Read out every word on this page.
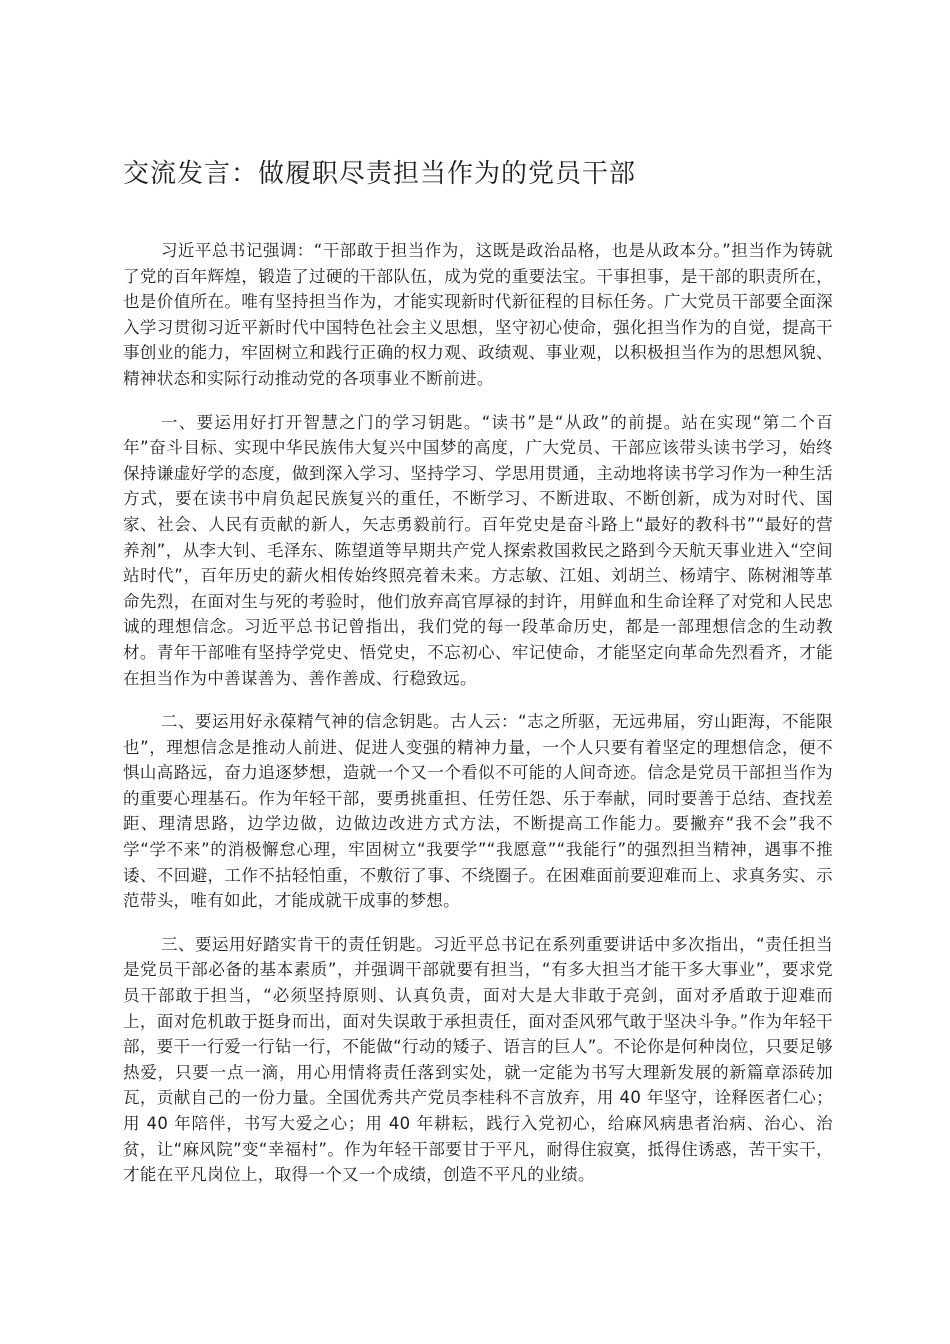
交流发言：做履职尽责担当作为的党员干部

习近平总书记强调：“干部敢于担当作为，这既是政治品格，也是从政本分。”担当作为铸就了党的百年辉煌，锻造了过硬的干部队伍，成为党的重要法宝。干事担事，是干部的职责所在，也是价值所在。唯有坚持担当作为，才能实现新时代新征程的目标任务。广大党员干部要全面深入学习贯彻习近平新时代中国特色社会主义思想，坚守初心使命，强化担当作为的自觉，提高干事创业的能力，牢固树立和践行正确的权力观、政绩观、事业观，以积极担当作为的思想风貌、精神状态和实际行动推动党的各项事业不断前进。

一、要运用好打开智慧之门的学习钥匙。“读书”是“从政”的前提。站在实现“第二个百年”奋斗目标、实现中华民族伟大复兴中国梦的高度，广大党员、干部应该带头读书学习，始终保持谦虚好学的态度，做到深入学习、坚持学习、学思用贯通，主动地将读书学习作为一种生活方式，要在读书中肩负起民族复兴的重任，不断学习、不断进取、不断创新，成为对时代、国家、社会、人民有贡献的新人，矢志勇毅前行。百年党史是奋斗路上“最好的教科书”“最好的营养剂”，从李大钊、毛泽东、陈望道等早期共产党人探索救国救民之路到今天航天事业进入“空间站时代”，百年历史的薪火相传始终照亮着未来。方志敏、江姐、刘胡兰、杨靖宇、陈树湘等革命先烈，在面对生与死的考验时，他们放弃高官厚禄的封许，用鲜血和生命诠释了对党和人民忠诚的理想信念。习近平总书记曾指出，我们党的每一段革命历史，都是一部理想信念的生动教材。青年干部唯有坚持学党史、悟党史，不忘初心、牢记使命，才能坚定向革命先烈看齐，才能在担当作为中善谋善为、善作善成、行稳致远。

二、要运用好永葆精气神的信念钥匙。古人云：“志之所驱，无远弗届，穷山距海，不能限也”，理想信念是推动人前进、促进人变强的精神力量，一个人只要有着坚定的理想信念，便不惧山高路远，奋力追逐梦想，造就一个又一个看似不可能的人间奇迹。信念是党员干部担当作为的重要心理基石。作为年轻干部，要勇挑重担、任劳任怨、乐于奉献，同时要善于总结、查找差距、理清思路，边学边做，边做边改进方式方法，不断提高工作能力。要撇弃“我不会”我不学“学不来”的消极懈怠心理，牢固树立“我要学”“我愿意”“我能行”的强烈担当精神，遇事不推诿、不回避，工作不拈轻怕重，不敷衍了事、不绕圈子。在困难面前要迎难而上、求真务实、示范带头，唯有如此，才能成就干成事的梦想。

三、要运用好踏实肯干的责任钥匙。习近平总书记在系列重要讲话中多次指出，“责任担当是党员干部必备的基本素质”，并强调干部就要有担当，“有多大担当才能干多大事业”，要求党员干部敢于担当，“必须坚持原则、认真负责，面对大是大非敢于亮剑，面对矛盾敢于迎难而上，面对危机敢于挺身而出，面对失误敢于承担责任，面对歪风邪气敢于坚决斗争。”作为年轻干部，要干一行爱一行钻一行，不能做“行动的矮子、语言的巨人”。不论你是何种岗位，只要足够热爱，只要一点一滴，用心用情将责任落到实处，就一定能为书写大理新发展的新篇章添砖加瓦，贡献自己的一份力量。全国优秀共产党员李桂科不言放弃，用 40 年坚守，诠释医者仁心；用 40 年陪伴，书写大爱之心；用 40 年耕耘，践行入党初心，给麻风病患者治病、治心、治贫，让“麻风院”变“幸福村”。作为年轻干部要甘于平凡，耐得住寂寞，抵得住诱惑，苦干实干，才能在平凡岗位上，取得一个又一个成绩，创造不平凡的业绩。
